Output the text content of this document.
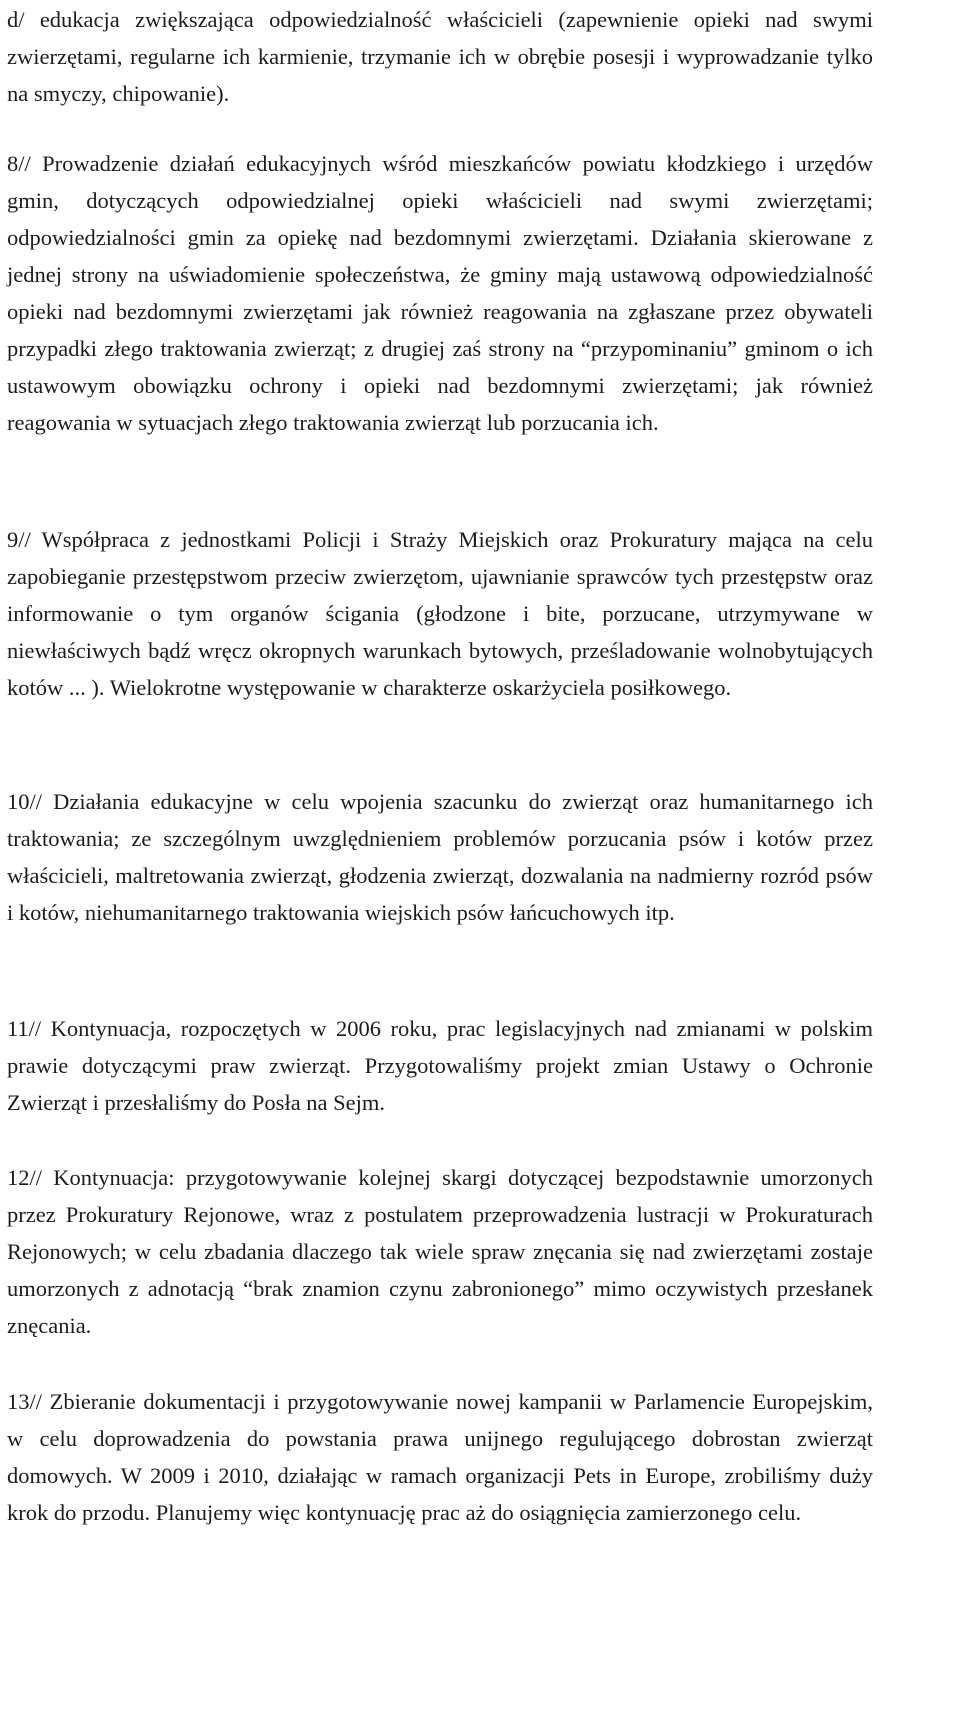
d/ edukacja zwiększająca odpowiedzialność właścicieli (zapewnienie opieki nad swymi zwierzętami, regularne ich karmienie, trzymanie ich w obrębie posesji i wyprowadzanie tylko na smyczy, chipowanie).

8// Prowadzenie działań edukacyjnych wśród mieszkańców powiatu kłodzkiego i urzędów gmin, dotyczących odpowiedzialnej opieki właścicieli nad swymi zwierzętami; odpowiedzialności gmin za opiekę nad bezdomnymi zwierzętami. Działania skierowane z jednej strony na uświadomienie społeczeństwa, że gminy mają ustawową odpowiedzialność opieki nad bezdomnymi zwierzętami jak również reagowania na zgłaszane przez obywateli przypadki złego traktowania zwierząt; z drugiej zaś strony na “przypominaniu” gminom o ich ustawowym obowiązku ochrony i opieki nad bezdomnymi zwierzętami; jak również reagowania w sytuacjach złego traktowania zwierząt lub porzucania ich.

9// Współpraca z jednostkami Policji i Straży Miejskich oraz Prokuratury mająca na celu zapobieganie przestępstwom przeciw zwierzętom, ujawnianie sprawców tych przestępstw oraz informowanie o tym organów ścigania (głodzone i bite, porzucane, utrzymywane w niewłaściwych bądź wręcz okropnych warunkach bytowych, prześladowanie wolnobytujących kotów ... ). Wielokrotne występowanie w charakterze oskarżyciela posiłkowego.

10// Działania edukacyjne w celu wpojenia szacunku do zwierząt oraz humanitarnego ich traktowania; ze szczególnym uwzględnieniem problemów porzucania psów i kotów przez właścicieli, maltretowania zwierząt, głodzenia zwierząt, dozwalania na nadmierny rozród psów i kotów, niehumanitarnego traktowania wiejskich psów łańcuchowych itp.

11// Kontynuacja, rozpoczętych w 2006 roku, prac legislacyjnych nad zmianami w polskim prawie dotyczącymi praw zwierząt. Przygotowaliśmy projekt zmian Ustawy o Ochronie Zwierząt i przesłaliśmy do Posła na Sejm.

12// Kontynuacja: przygotowywanie kolejnej skargi dotyczącej bezpodstawnie umorzonych przez Prokuratury Rejonowe, wraz z postulatem przeprowadzenia lustracji w Prokuraturach Rejonowych; w celu zbadania dlaczego tak wiele spraw znęcania się nad zwierzętami zostaje umorzonych z adnotacją “brak znamion czynu zabronionego” mimo oczywistych przesłanek znęcania.

13// Zbieranie dokumentacji i przygotowywanie nowej kampanii w Parlamencie Europejskim, w celu doprowadzenia do powstania prawa unijnego regulującego dobrostan zwierząt domowych. W 2009 i 2010, działając w ramach organizacji Pets in Europe, zrobiliśmy duży krok do przodu. Planujemy więc kontynuację prac aż do osiągnięcia zamierzonego celu.
